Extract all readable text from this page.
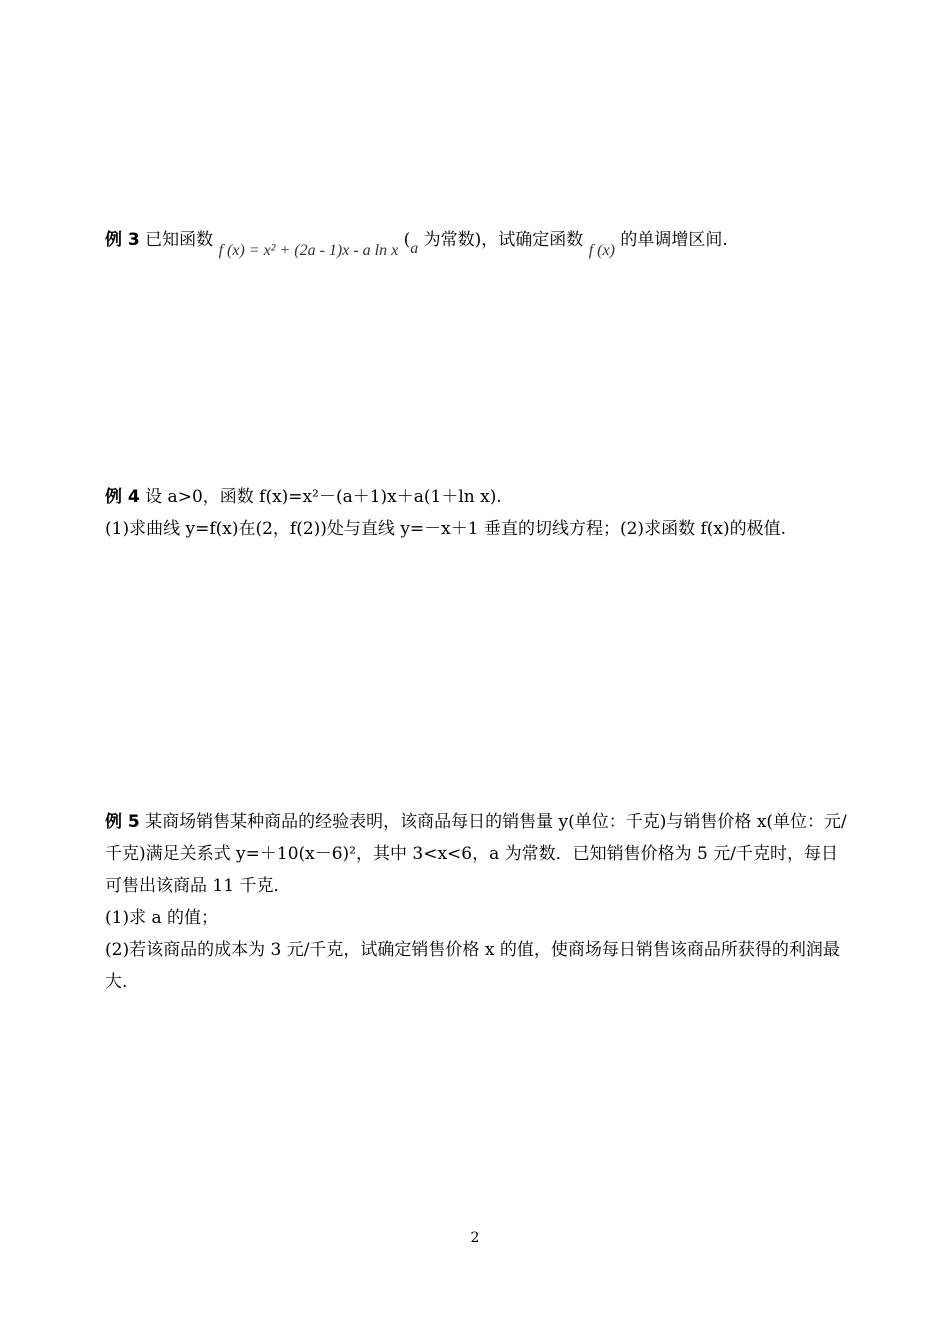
例 3 已知函数 f (x) = x² + (2a - 1)x - a ln x (a 为常数)，试确定函数 f (x) 的单调增区间.
例 4 设 a>0，函数 f(x)=x²－(a＋1)x＋a(1＋ln x).
(1)求曲线 y=f(x)在(2，f(2))处与直线 y=－x＋1 垂直的切线方程；(2)求函数 f(x)的极值.
例 5 某商场销售某种商品的经验表明，该商品每日的销售量 y(单位：千克)与销售价格 x(单位：元/千克)满足关系式 y=＋10(x－6)²，其中 3<x<6，a 为常数．已知销售价格为 5 元/千克时，每日可售出该商品 11 千克．
(1)求 a 的值；
(2)若该商品的成本为 3 元/千克，试确定销售价格 x 的值，使商场每日销售该商品所获得的利润最大.
2
